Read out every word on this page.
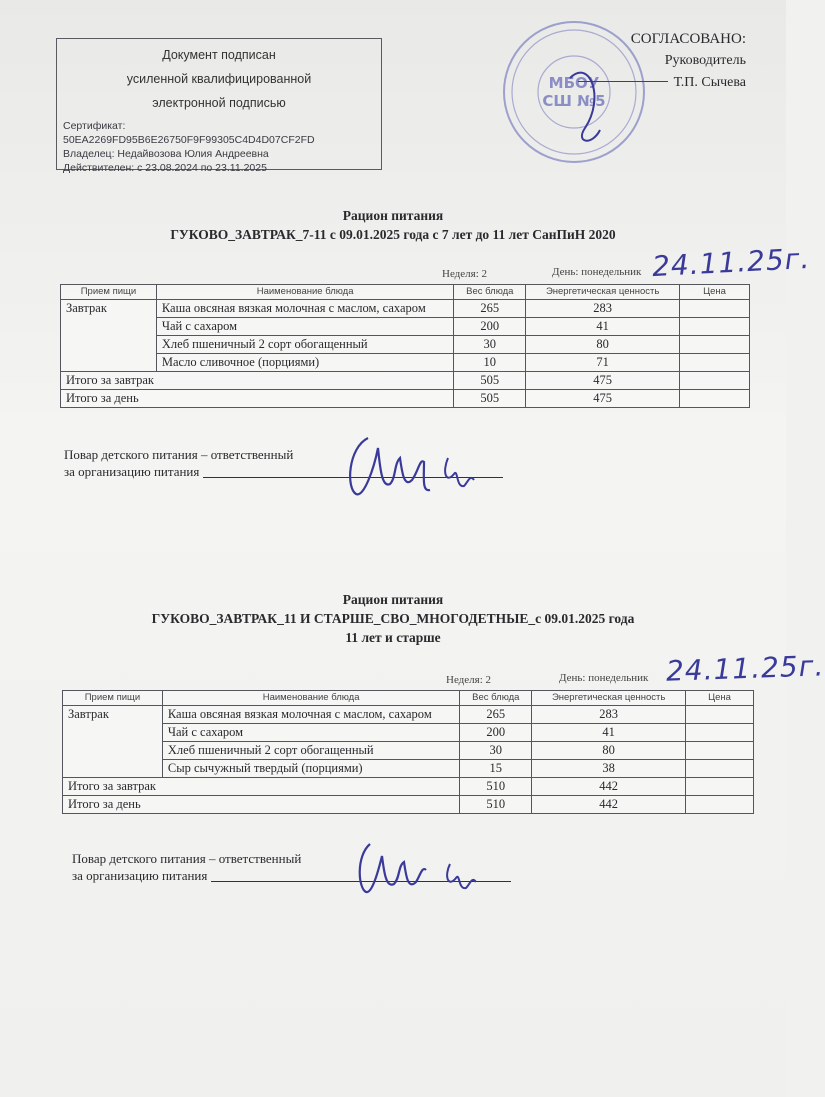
Документ подписан
усиленной квалифицированной
электронной подписью
Сертификат:
50EA2269FD95B6E26750F9F99305C4D4D07CF2FD
Владелец: Недайвозова Юлия Андреевна
Действителен: с 23.08.2024 по 23.11.2025
МБОУ
СШ №5
СОГЛАСОВАНО:
Руководитель
Т.П. Сычева
Рацион питания
ГУКОВО_ЗАВТРАК_7-11 с 09.01.2025 года с 7 лет до 11 лет СанПиН 2020
Неделя: 2	День: понедельник 24.11.25г.
Прием пищи	Наименование блюда	Вес блюда	Энергетическая ценность	Цена
Завтрак	Каша овсяная вязкая молочная с маслом, сахаром	265	283	
	Чай с сахаром	200	41	
	Хлеб пшеничный 2 сорт обогащенный	30	80	
	Масло сливочное (порциями)	10	71	
Итого за завтрак		505	475	
Итого за день		505	475	
Повар детского питания – ответственный
за организацию питания
Рацион питания
ГУКОВО_ЗАВТРАК_11 И СТАРШЕ_СВО_МНОГОДЕТНЫЕ_с 09.01.2025 года
11 лет и старше
Неделя: 2	День: понедельник 24.11.25г.
Прием пищи	Наименование блюда	Вес блюда	Энергетическая ценность	Цена
Завтрак	Каша овсяная вязкая молочная с маслом, сахаром	265	283	
	Чай с сахаром	200	41	
	Хлеб пшеничный 2 сорт обогащенный	30	80	
	Сыр сычужный твердый (порциями)	15	38	
Итого за завтрак		510	442	
Итого за день		510	442	
Повар детского питания – ответственный
за организацию питания
